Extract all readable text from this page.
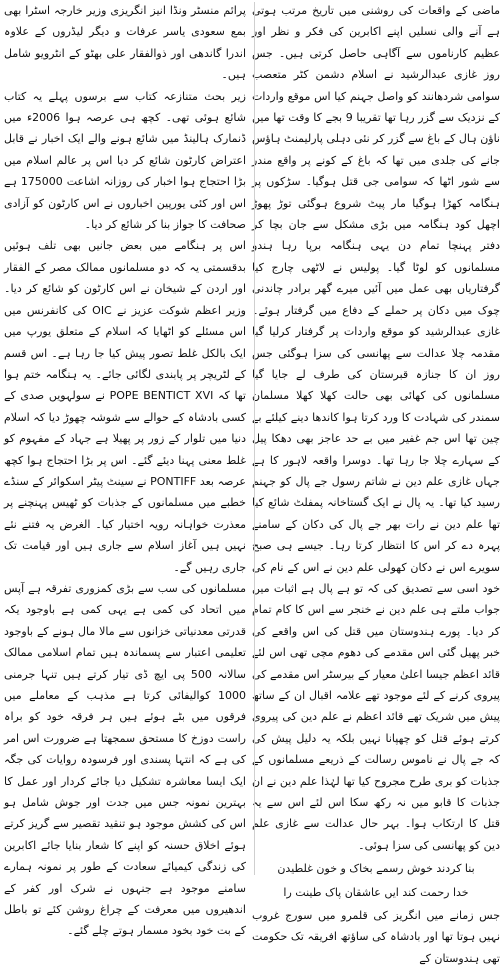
ماضی کے واقعات کی روشنی میں تاریخ مرتب ہوتی ہے آنے والی نسلیں اپنے اکابرین کی فکر و نظر اور عظیم کارناموں سے آگاہی حاصل کرتی ہیں۔ جس روز غازی عبدالرشید نے اسلام دشمن کٹر متعصب سوامی شردھانند کو واصل جہنم کیا اس موقع واردات کے نزدیک سے گزر رہا تھا تقریبا 9 بجے کا وقت تھا میں ناؤن ہال کے باغ سے گزر کر نئی دہلی پارلیمنٹ ہاؤس جانے کی جلدی میں تھا کہ باغ کے کونے پر واقع مندر سے شور اٹھا کہ سوامی جی قتل ہوگیا۔ سڑکوں پر ہنگامہ کھڑا ہوگیا مار پیٹ شروع ہوگئی توڑ پھوڑ اچھل کود ہنگامہ میں بڑی مشکل سے جان بچا کر دفتر پہنچا تمام دن یہی ہنگامہ برپا رہا ہندو مسلمانوں کو لوٹا گیا۔ پولیس نے لاٹھی چارج کیا گرفتاریاں بھی عمل میں آئیں میرے گھر برادر چاندنی چوک میں دکان پر حملے کے دفاع میں گرفتار ہوئے۔ غازی عبدالرشید کو موقع واردات پر گرفتار کرلیا گیا مقدمہ چلا عدالت سے پھانسی کی سزا ہوگئی جس روز ان کا جنازہ قبرستان کی طرف لے جایا گیا مسلمانوں کی کھائی بھی حالت کھلا کھلا مسلمان سمندر کی شہادت کا ورد کرتا ہوا کاندھا دینے کیلئے بے چین تھا اس جم غفیر میں بے حد عاجز بھی دھکا پیل کے سہارے چلا جا رہا تھا۔ دوسرا واقعہ لاہور کا ہے جہاں غازی علم دین نے شاتم رسول جے پال کو جہنم رسید کیا تھا۔ یہ پال نے ایک گستاخانہ پمفلٹ شائع کیا تھا علم دین نے رات بھر جے پال کی دکان کے سامنے پہرہ دے کر اس کا انتظار کرتا رہا۔ جیسے ہی صبح سویرے اس نے دکان کھولی علم دین نے اس کے نام کی خود اسی سے تصدیق کی کہ تو ہے پال ہے اثبات میں جواب ملتے ہی علم دین نے خنجر سے اس کا کام تمام کر دیا۔ پورے ہندوستان میں قتل کی اس واقعے کی خبر پھیل گئی اس مقدمے کی دھوم مچی تھی اس لئے قائد اعظم جیسا اعلیٰ معیار کے بیرسٹر اس مقدمے کی پیروی کرنے کے لئے موجود تھے علامہ اقبال ان کے ساتھ پیش میں شریک تھے قائد اعظم نے علم دین کی پیروی کرتے ہوئے قتل کو چھپانا نہیں بلکہ یہ دلیل پیش کی کہ جے پال نے ناموس رسالت کے ذریعے مسلمانوں کے جذبات کو بری طرح مجروح کیا تھا لہٰذا علم دین نے ان جذبات کا قابو میں نہ رکھ سکا اس لئے اس سے یہ قتل کا ارتکاب ہوا۔ بہر حال عدالت سے غازی علم دین کو پھانسی کی سزا ہوئی۔

بنا کردند خوش رسمے بخاک و خون غلطیدن

خدا رحمت کند ایں عاشقان پاک طینت را

جس زمانے میں انگریز کی قلمرو میں سورج غروب نہیں ہوتا تھا اور بادشاہ کی ساؤتھ افریقہ تک حکومت تھی ہندوستان کے

پرائم منسٹر ونڈا انیز انگریزی وزیر خارجہ اسٹرا بھی بمع سعودی یاسر عرفات و دیگر لیڈروں کے علاوہ اندرا گاندھی اور ذوالفقار علی بھٹو کے انٹرویو شامل ہیں۔

زیر بحث متنازعہ کتاب سے برسوں پہلے یہ کتاب شائع ہوئی تھی۔ کچھ ہی عرصہ ہوا 2006ء میں ڈنمارک ہالینڈ میں شائع ہونے والے ایک اخبار نے قابل اعتراض کارٹون شائع کر دیا اس پر عالم اسلام میں بڑا احتجاج ہوا اخبار کی روزانہ اشاعت 175000 ہے اس اور کئی یورپین اخباروں نے اس کارٹون کو آزادی صحافت کا جواز بنا کر شائع کر دیا۔

اس پر ہنگامے میں بعض جانیں بھی تلف ہوئیں بدقسمتی یہ کہ دو مسلمانوں ممالک مصر کے الفقار اور اردن کے شیخان نے اس کارٹون کو شائع کر دیا۔ وزیر اعظم شوکت عزیز نے OIC کی کانفرنس میں اس مسئلے کو اٹھایا کہ اسلام کے متعلق یورپ میں ایک بالکل غلط تصور پیش کیا جا رہا ہے۔ اس قسم کے لٹریچر پر پابندی لگائی جائے۔ یہ ہنگامہ ختم ہوا تھا کہ POPE BENTICT XVI نے سولہویں صدی کے کسی بادشاہ کے حوالے سے شوشہ چھوڑ دیا کہ اسلام دنیا میں تلوار کے زور پر پھیلا ہے جہاد کے مفہوم کو غلط معنی پہنا دیئے گئے۔ اس پر بڑا احتجاج ہوا کچھ عرصہ بعد PONTIFF نے سینٹ پیٹر اسکوائر کے سنڈے خطبے میں مسلمانوں کے جذبات کو ٹھیس پہنچنے پر معذرت خواہانہ رویہ اختیار کیا۔ الغرض یہ فتنے نئے نہیں ہیں آغاز اسلام سے جاری ہیں اور قیامت تک جاری رہیں گے۔

مسلمانوں کی سب سے بڑی کمزوری تفرقہ ہے آپس میں اتحاد کی کمی ہے یہی کمی ہے باوجود یکہ قدرتی معدنیاتی خزانوں سے مالا مال ہونے کے باوجود تعلیمی اعتبار سے پسماندہ ہیں تمام اسلامی ممالک سالانہ 500 پی ایچ ڈی تیار کرتے ہیں تنہا جرمنی 1000 کوالیفائی کرتا ہے مذہب کے معاملے میں فرقوں میں بٹے ہوئے ہیں ہر فرقہ خود کو براہ راست دوزخ کا مستحق سمجھتا ہے ضرورت اس امر کی ہے کہ انتہا پسندی اور فرسودہ روایات کی جگہ ایک ایسا معاشرہ تشکیل دیا جائے کردار اور عمل کا بہترین نمونہ جس میں جدت اور جوش شامل ہو اس کی کشش موجود ہو تنقید تقصیر سے گریز کرتے ہوئے اخلاق حسنہ کو اپنے کا شعار بنایا جائے اکابرین کی زندگی کیمیائے سعادت کے طور پر نمونہ ہمارے سامنے موجود ہے جنہوں نے شرک اور کفر کے اندھیروں میں معرفت کے چراغ روشن کئے تو باطل کے بت خود بخود مسمار ہوتے چلے گئے۔
